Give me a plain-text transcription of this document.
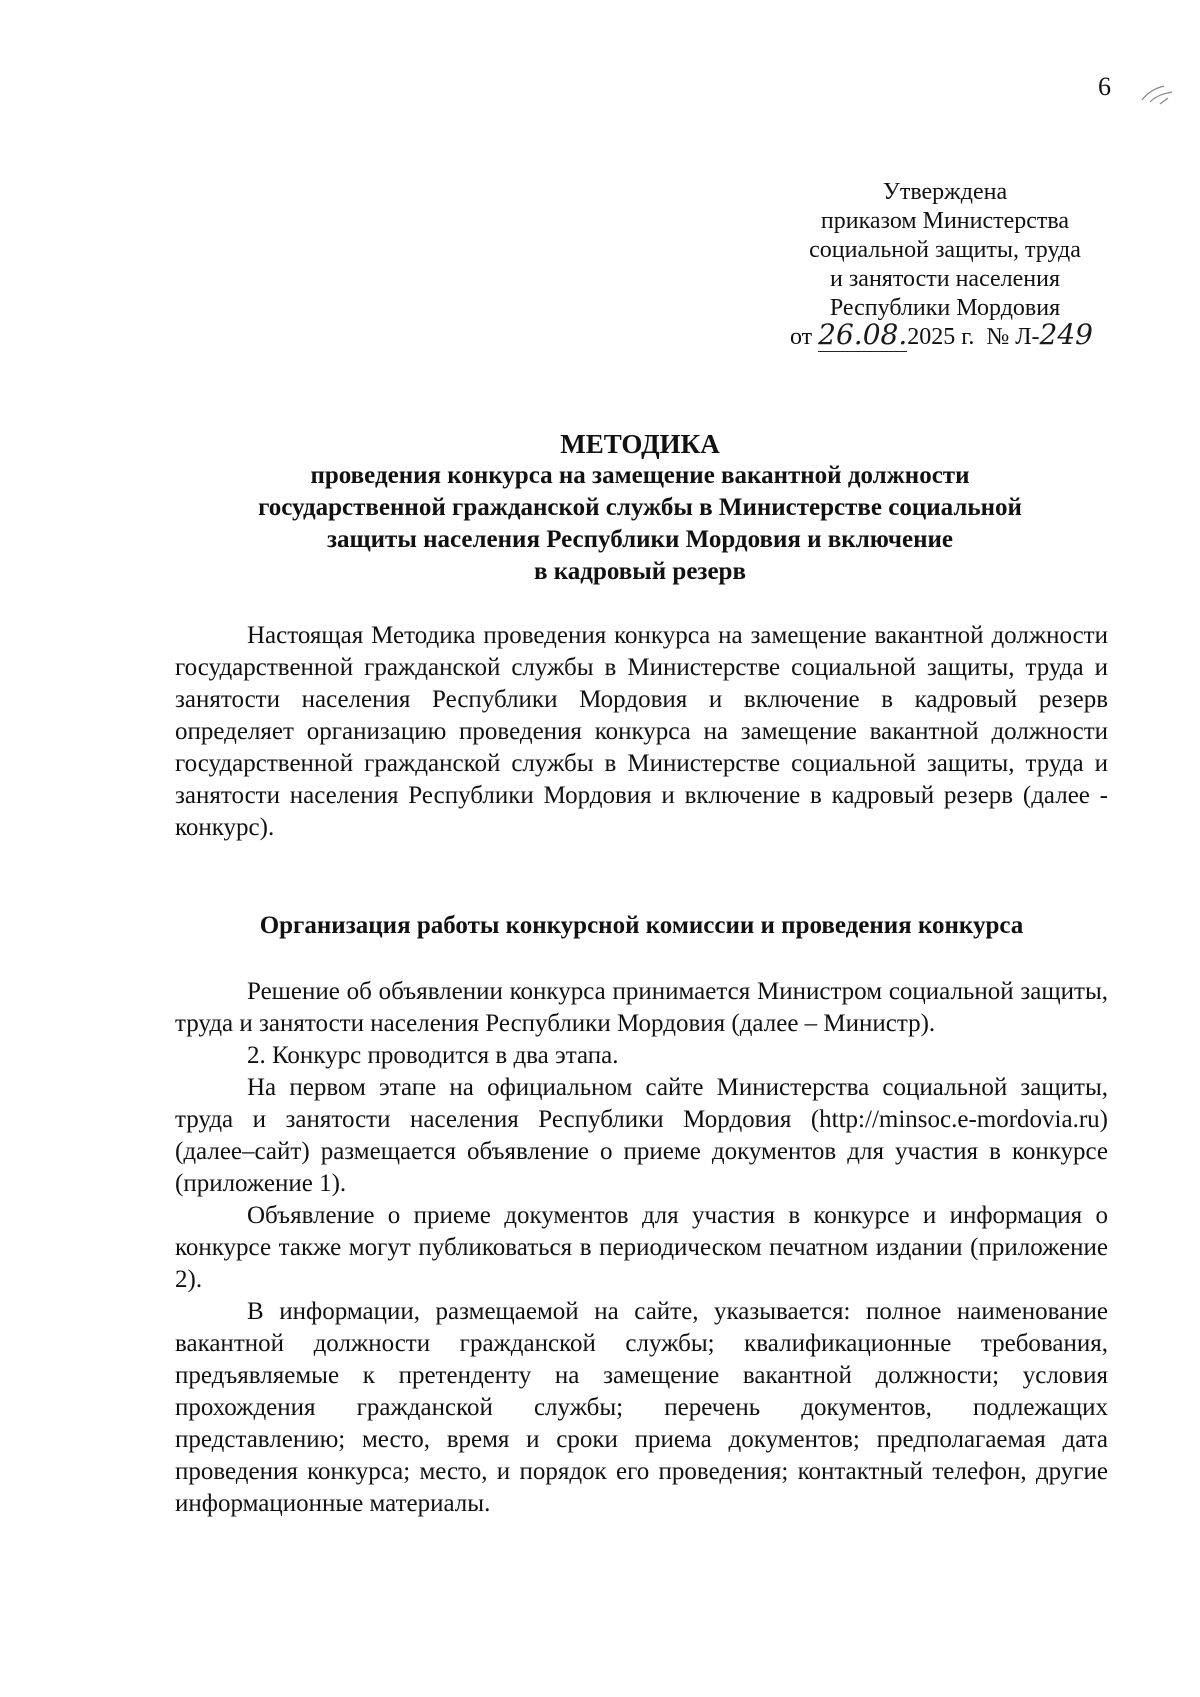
6
Утверждена
приказом Министерства
социальной защиты, труда
и занятости населения
Республики Мордовия
от 26.08.2025 г. № Л-249
МЕТОДИКА
проведения конкурса на замещение вакантной должности
государственной гражданской службы в Министерстве социальной
защиты населения Республики Мордовия и включение
в кадровый резерв

Настоящая Методика проведения конкурса на замещение вакантной должности государственной гражданской службы в Министерстве социальной защиты, труда и занятости населения Республики Мордовия и включение в кадровый резерв определяет организацию проведения конкурса на замещение вакантной должности государственной гражданской службы в Министерстве социальной защиты, труда и занятости населения Республики Мордовия и включение в кадровый резерв (далее - конкурс).

Организация работы конкурсной комиссии и проведения конкурса

Решение об объявлении конкурса принимается Министром социальной защиты, труда и занятости населения Республики Мордовия (далее – Министр).

2. Конкурс проводится в два этапа.

На первом этапе на официальном сайте Министерства социальной защиты, труда и занятости населения Республики Мордовия (http://minsoc.e-mordovia.ru) (далее–сайт) размещается объявление о приеме документов для участия в конкурсе (приложение 1).

Объявление о приеме документов для участия в конкурсе и информация о конкурсе также могут публиковаться в периодическом печатном издании (приложение 2).

В информации, размещаемой на сайте, указывается: полное наименование вакантной должности гражданской службы; квалификационные требования, предъявляемые к претенденту на замещение вакантной должности; условия прохождения гражданской службы; перечень документов, подлежащих представлению; место, время и сроки приема документов; предполагаемая дата проведения конкурса; место, и порядок его проведения; контактный телефон, другие информационные материалы.
